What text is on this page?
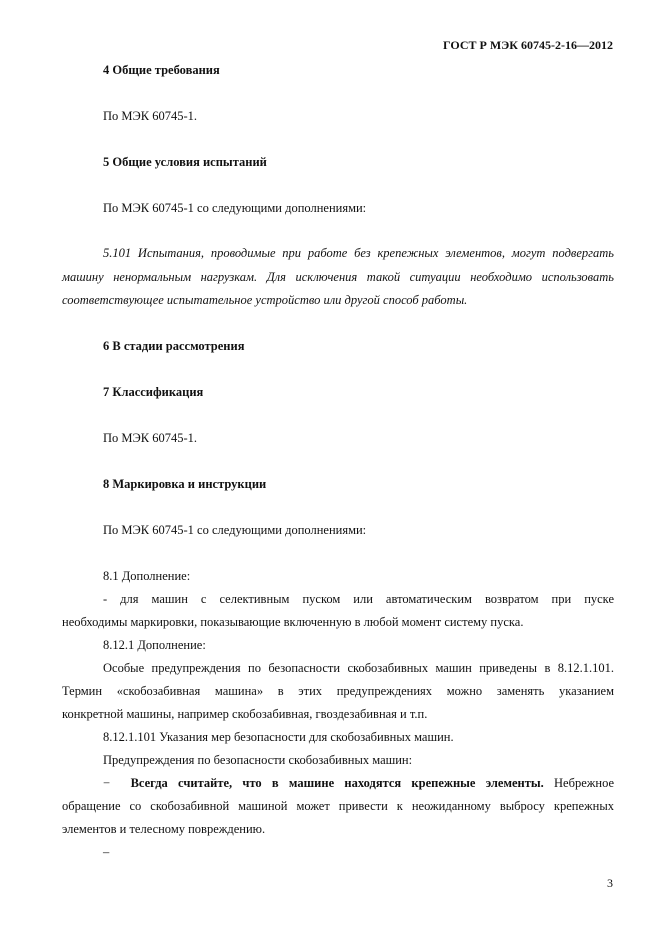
ГОСТ Р МЭК 60745-2-16—2012
4 Общие требования
По МЭК 60745-1.
5 Общие условия испытаний
По МЭК 60745-1 со следующими дополнениями:
5.101 Испытания, проводимые при работе без крепежных элементов, могут подвергать
машину ненормальным нагрузкам. Для исключения такой ситуации необходимо использовать
соответствующее испытательное устройство или другой способ работы.
6 В стадии рассмотрения
7 Классификация
По МЭК 60745-1.
8 Маркировка и инструкции
По МЭК 60745-1 со следующими дополнениями:
8.1 Дополнение:
- для машин с селективным пуском или автоматическим возвратом при пуске
необходимы маркировки, показывающие включенную в любой момент систему пуска.
8.12.1 Дополнение:
Особые предупреждения по безопасности скобозабивных машин приведены в 8.12.1.101.
Термин «скобозабивная машина» в этих предупреждениях можно заменять указанием
конкретной машины, например скобозабивная, гвоздезабивная и т.п.
8.12.1.101 Указания мер безопасности для скобозабивных машин.
Предупреждения по безопасности скобозабивных машин:
− Всегда считайте, что в машине находятся крепежные элементы. Небрежное
обращение со скобозабивной машиной может привести к неожиданному выбросу крепежных
элементов и телесному повреждению.
–
3
